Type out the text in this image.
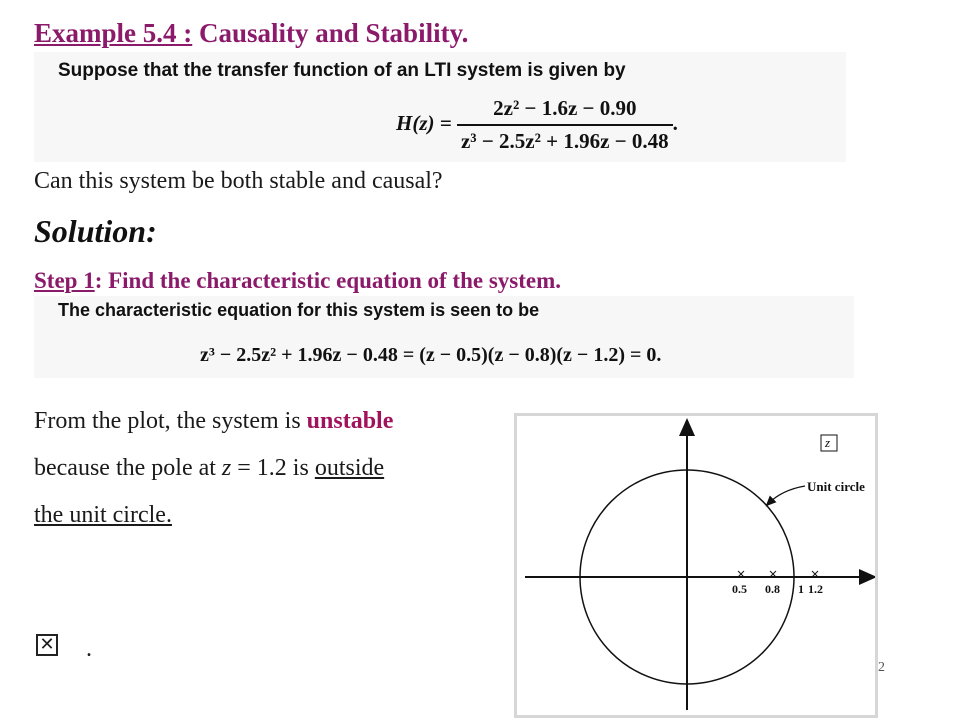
Example 5.4 : Causality and Stability.
Suppose that the transfer function of an LTI system is given by
$H(z) = \frac{\text{2z² − 1.6z − 0.90}}{\text{z³ − 2.5z² + 1.96z − 0.48}}$ .
Can this system be both stable and causal?
Solution:
Step 1: Find the characteristic equation of the system.
The characteristic equation for this system is seen to be
z³ − 2.5z² + 1.96z − 0.48 = (z − 0.5)(z − 0.8)(z − 1.2) = 0.
From the plot, the system is unstable
because the pole at z = 1.2 is outside
the unit circle.
0.5 0.8 1 1.2
z
Unit circle
✕ .
2
